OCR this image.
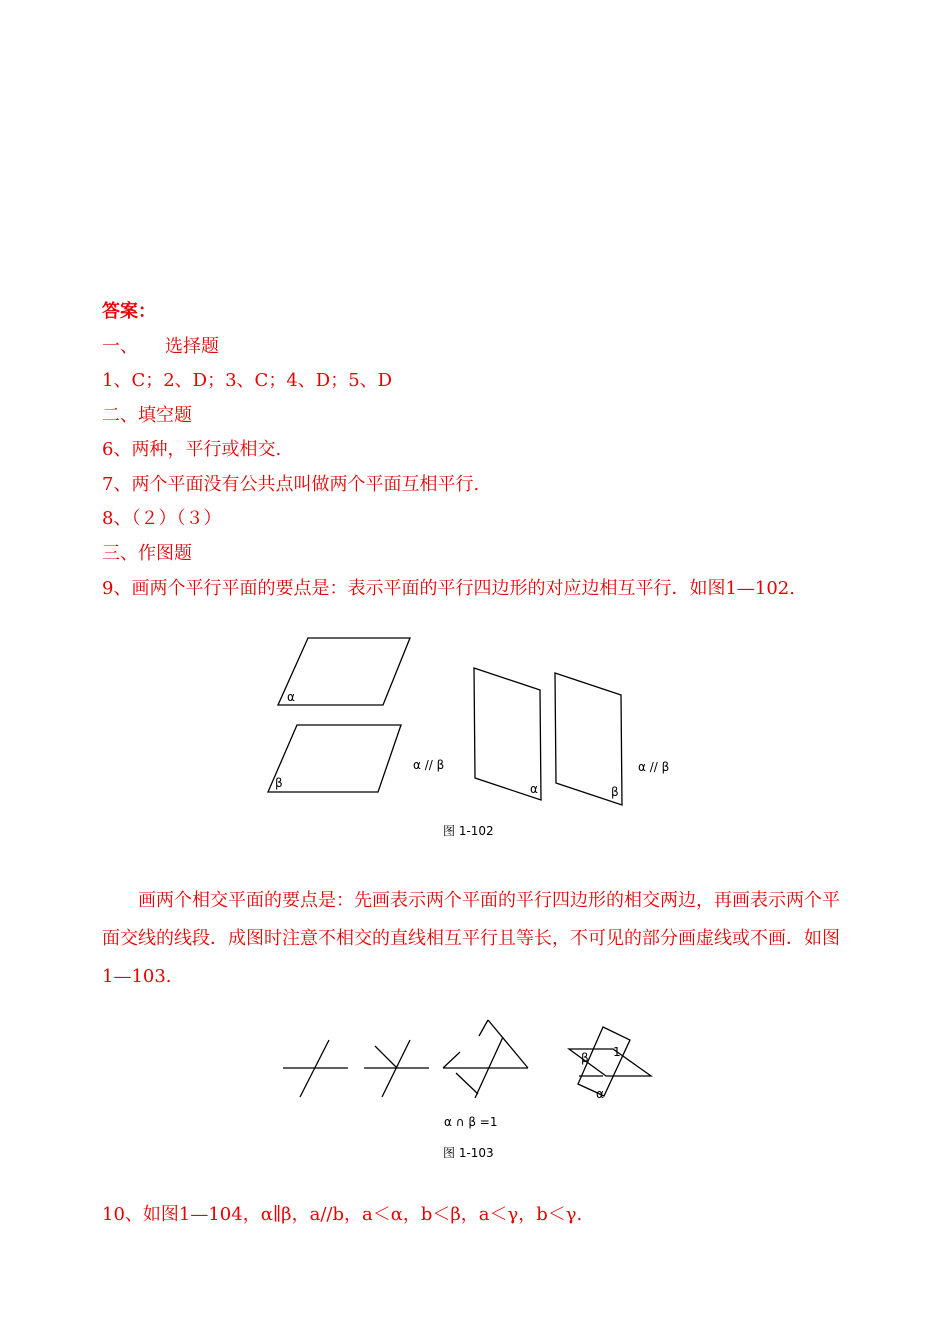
答案：
一、　　选择题
1、C；2、D；3、C；4、D；5、D
二、填空题
6、两种，平行或相交.
7、两个平面没有公共点叫做两个平面互相平行.
8、（２）（３）
三、作图题
9、画两个平行平面的要点是：表示平面的平行四边形的对应边相互平行．如图1—102.
α
β
α // β
α	β
α // β
图 1-102
画两个相交平面的要点是：先画表示两个平面的平行四边形的相交两边，再画表示两个平面交线的线段．成图时注意不相交的直线相互平行且等长，不可见的部分画虚线或不画．如图1—103.
β 1
α
α ∩ β =1
图 1-103
10、如图1—104，α∥β，a//b，a＜α，b＜β，a＜γ，b＜γ.
